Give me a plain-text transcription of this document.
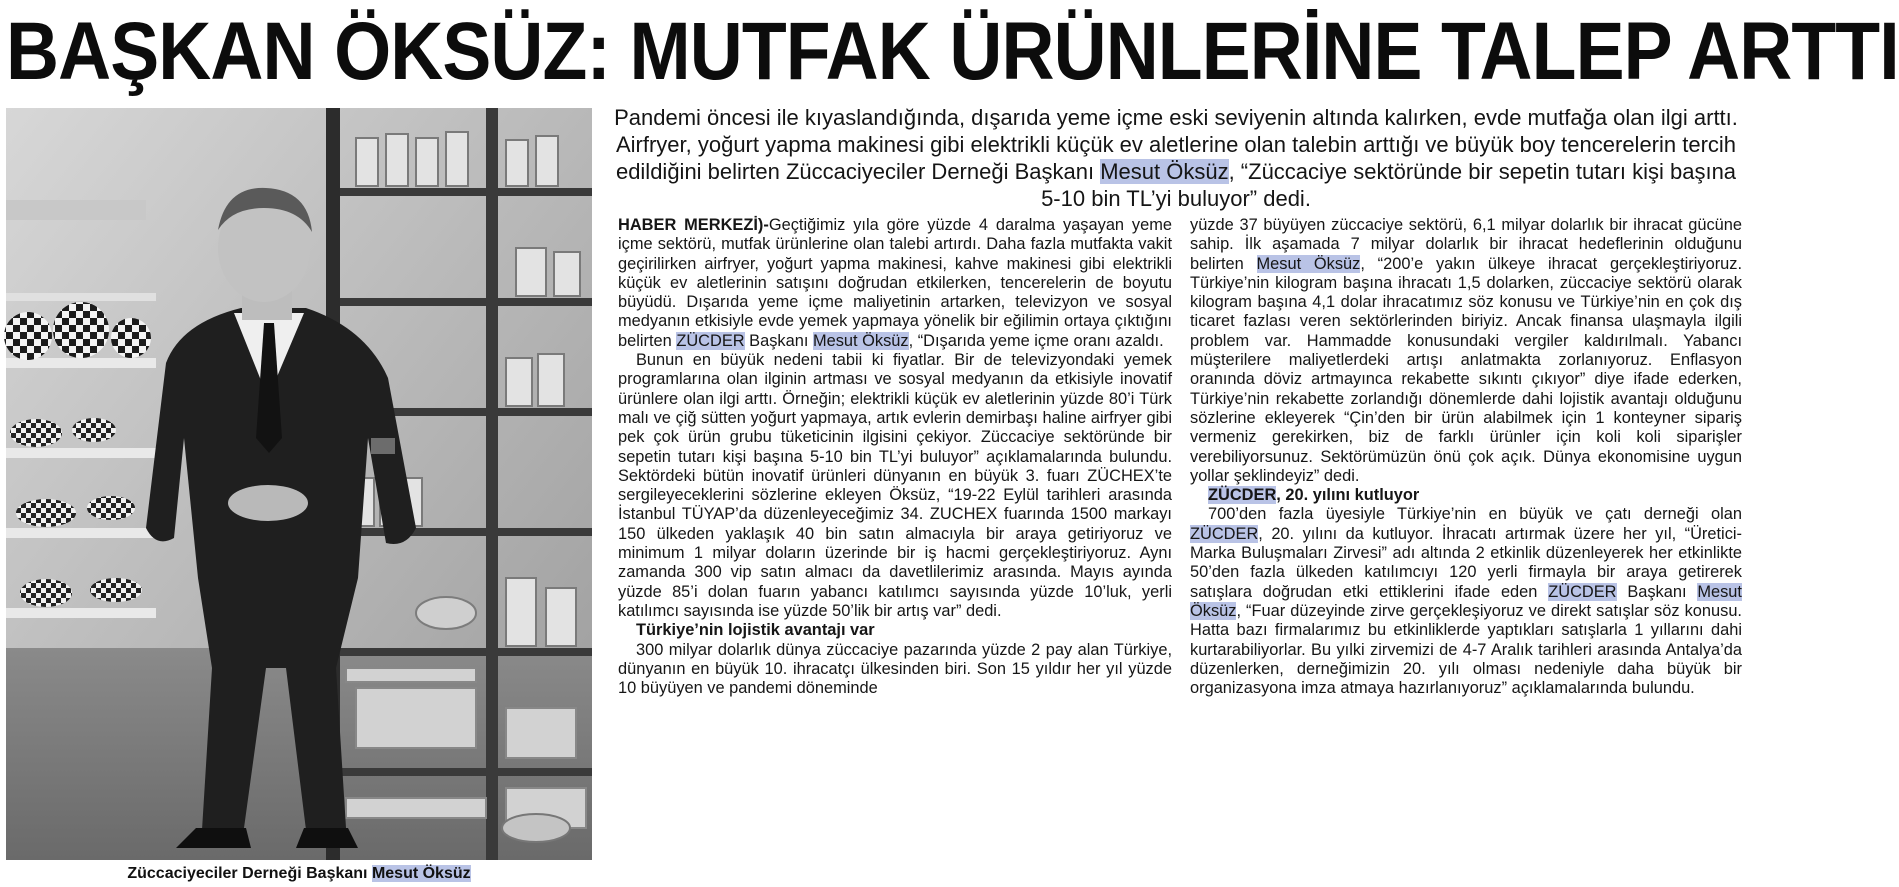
BAŞKAN ÖKSÜZ: MUTFAK ÜRÜNLERİNE TALEP ARTTI
Züccaciyeciler Derneği Başkanı Mesut Öksüz

Pandemi öncesi ile kıyaslandığında, dışarıda yeme içme eski seviyenin altında kalırken, evde mutfağa olan ilgi arttı. Airfryer, yoğurt yapma makinesi gibi elektrikli küçük ev aletlerine olan talebin arttığı ve büyük boy tencerelerin tercih edildiğini belirten Züccaciyeciler Derneği Başkanı Mesut Öksüz, “Züccaciye sektöründe bir sepetin tutarı kişi başına 5-10 bin TL’yi buluyor” dedi.

HABER MERKEZİ)-Geçtiğimiz yıla göre yüzde 4 daralma yaşayan yeme içme sektörü, mutfak ürünlerine olan talebi artırdı. Daha fazla mutfakta vakit geçirilirken airfryer, yoğurt yapma makinesi, kahve makinesi gibi elektrikli küçük ev aletlerinin satışını doğrudan etkilerken, tencerelerin de boyutu büyüdü. Dışarıda yeme içme maliyetinin artarken, televizyon ve sosyal medyanın etkisiyle evde yemek yapmaya yönelik bir eğilimin ortaya çıktığını belirten ZÜCDER Başkanı Mesut Öksüz, “Dışarıda yeme içme oranı azaldı.

Bunun en büyük nedeni tabii ki fiyatlar. Bir de televizyondaki yemek programlarına olan ilginin artması ve sosyal medyanın da etkisiyle inovatif ürünlere olan ilgi arttı. Örneğin; elektrikli küçük ev aletlerinin yüzde 80’i Türk malı ve çiğ sütten yoğurt yapmaya, artık evlerin demirbaşı haline airfryer gibi pek çok ürün grubu tüketicinin ilgisini çekiyor. Züccaciye sektöründe bir sepetin tutarı kişi başına 5-10 bin TL’yi buluyor” açıklamalarında bulundu. Sektördeki bütün inovatif ürünleri dünyanın en büyük 3. fuarı ZÜCHEX’te sergileyeceklerini sözlerine ekleyen Öksüz, “19-22 Eylül tarihleri arasında İstanbul TÜYAP’da düzenleyeceğimiz 34. ZUCHEX fuarında 1500 markayı 150 ülkeden yaklaşık 40 bin satın almacıyla bir araya getiriyoruz ve minimum 1 milyar doların üzerinde bir iş hacmi gerçekleştiriyoruz. Aynı zamanda 300 vip satın almacı da davetlilerimiz arasında. Mayıs ayında yüzde 85’i dolan fuarın yabancı katılımcı sayısında yüzde 10’luk, yerli katılımcı sayısında ise yüzde 50’lik bir artış var” dedi.

Türkiye’nin lojistik avantajı var

300 milyar dolarlık dünya züccaciye pazarında yüzde 2 pay alan Türkiye, dünyanın en büyük 10. ihracatçı ülkesinden biri. Son 15 yıldır her yıl yüzde 10 büyüyen ve pandemi döneminde

yüzde 37 büyüyen züccaciye sektörü, 6,1 milyar dolarlık bir ihracat gücüne sahip. İlk aşamada 7 milyar dolarlık bir ihracat hedeflerinin olduğunu belirten Mesut Öksüz, “200’e yakın ülkeye ihracat gerçekleştiriyoruz. Türkiye’nin kilogram başına ihracatı 1,5 dolarken, züccaciye sektörü olarak kilogram başına 4,1 dolar ihracatımız söz konusu ve Türkiye’nin en çok dış ticaret fazlası veren sektörlerinden biriyiz. Ancak finansa ulaşmayla ilgili problem var. Hammadde konusundaki vergiler kaldırılmalı. Yabancı müşterilere maliyetlerdeki artışı anlatmakta zorlanıyoruz. Enflasyon oranında döviz artmayınca rekabette sıkıntı çıkıyor” diye ifade ederken, Türkiye’nin rekabette zorlandığı dönemlerde dahi lojistik avantajı olduğunu sözlerine ekleyerek “Çin’den bir ürün alabilmek için 1 konteyner sipariş vermeniz gerekirken, biz de farklı ürünler için koli koli siparişler verebiliyorsunuz. Sektörümüzün önü çok açık. Dünya ekonomisine uygun yollar şeklindeyiz” dedi.

ZÜCDER, 20. yılını kutluyor

700’den fazla üyesiyle Türkiye’nin en büyük ve çatı derneği olan ZÜCDER, 20. yılını da kutluyor. İhracatı artırmak üzere her yıl, “Üretici-Marka Buluşmaları Zirvesi” adı altında 2 etkinlik düzenleyerek her etkinlikte 50’den fazla ülkeden katılımcıyı 120 yerli firmayla bir araya getirerek satışlara doğrudan etki ettiklerini ifade eden ZÜCDER Başkanı Mesut Öksüz, “Fuar düzeyinde zirve gerçekleşiyoruz ve direkt satışlar söz konusu. Hatta bazı firmalarımız bu etkinliklerde yaptıkları satışlarla 1 yıllarını dahi kurtarabiliyorlar. Bu yılki zirvemizi de 4-7 Aralık tarihleri arasında Antalya’da düzenlerken, derneğimizin 20. yılı olması nedeniyle daha büyük bir organizasyona imza atmaya hazırlanıyoruz” açıklamalarında bulundu.
